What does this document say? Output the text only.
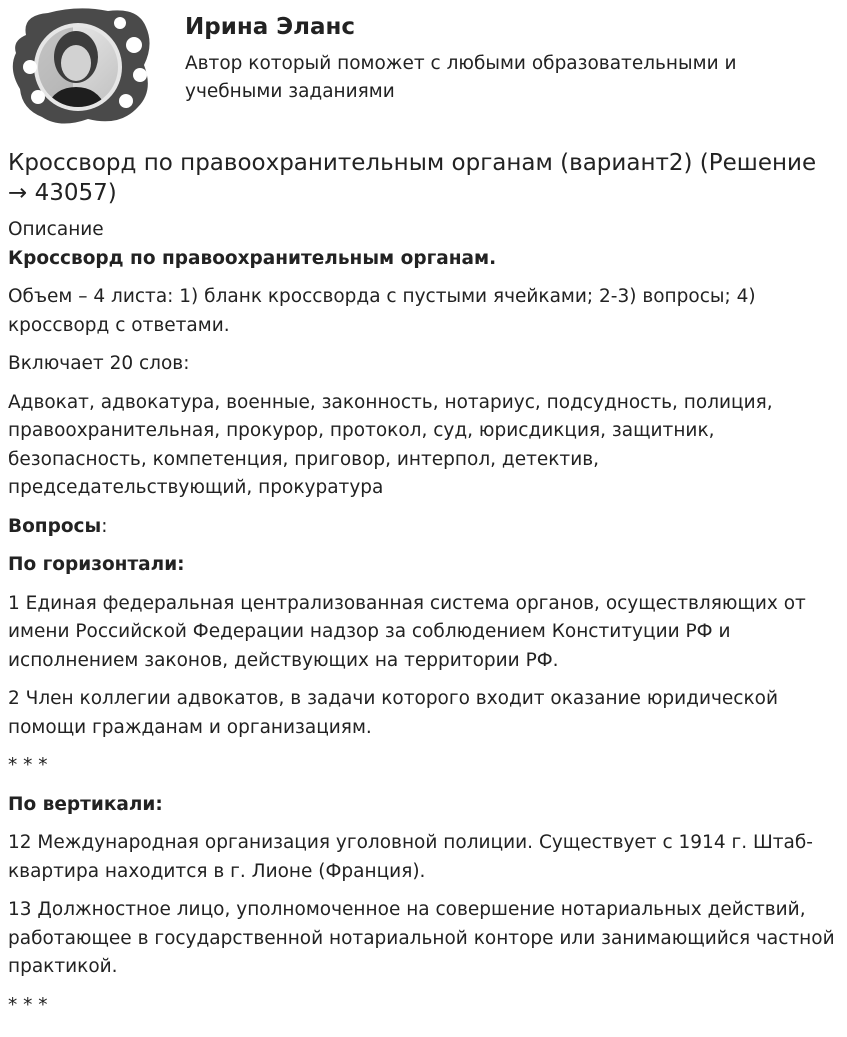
Ирина Эланс
Автор который поможет с любыми образовательными и учебными заданиями
Кроссворд по правоохранительным органам (вариант2) (Решение → 43057)
Описание
Кроссворд по правоохранительным органам.
Объем – 4 листа: 1) бланк кроссворда с пустыми ячейками; 2-3) вопросы; 4) кроссворд с ответами.
Включает 20 слов:
Адвокат, адвокатура, военные, законность, нотариус, подсудность, полиция, правоохранительная, прокурор, протокол, суд, юрисдикция, защитник, безопасность, компетенция, приговор, интерпол, детектив, председательствующий, прокуратура
Вопросы:
По горизонтали:
1 Единая федеральная централизованная система органов, осуществляющих от имени Российской Федерации надзор за соблюдением Конституции РФ и исполнением законов, действующих на территории РФ.
2 Член коллегии адвокатов, в задачи которого входит оказание юридической помощи гражданам и организациям.
* * *
По вертикали:
12 Международная организация уголовной полиции. Существует с 1914 г. Штаб-квартира находится в г. Лионе (Франция).
13 Должностное лицо, уполномоченное на совершение нотариальных действий, работающее в государственной нотариальной конторе или занимающийся частной практикой.
* * *
